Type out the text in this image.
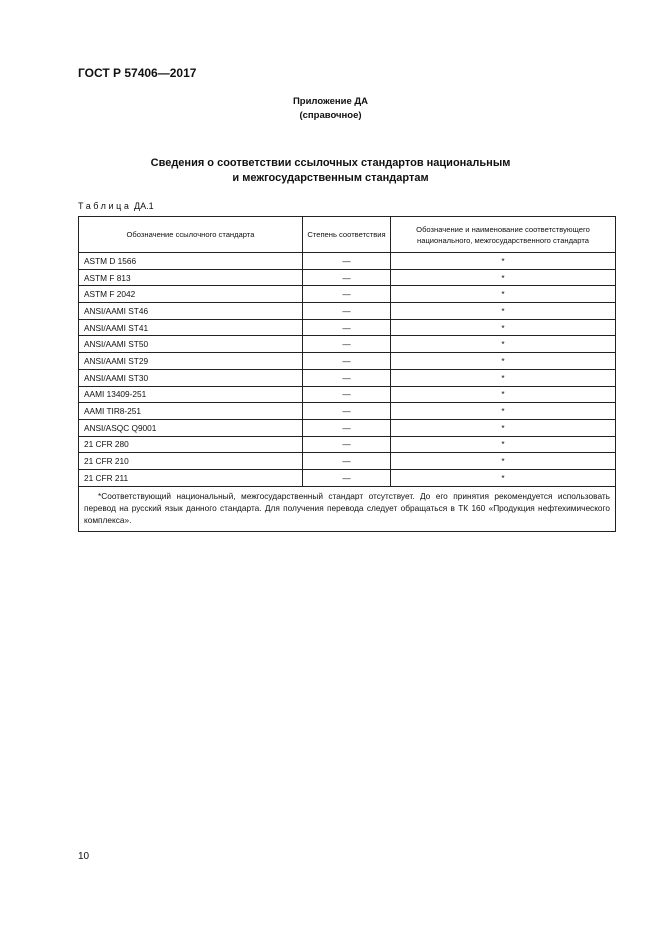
ГОСТ Р 57406—2017
Приложение ДА
(справочное)
Сведения о соответствии ссылочных стандартов национальным
и межгосударственным стандартам
Таблица ДА.1
Обозначение ссылочного стандарта	Степень соответствия	Обозначение и наименование соответствующего национального, межгосударственного стандарта
ASTM D 1566	—	*
ASTM F 813	—	*
ASTM F 2042	—	*
ANSI/AAMI ST46	—	*
ANSI/AAMI ST41	—	*
ANSI/AAMI ST50	—	*
ANSI/AAMI ST29	—	*
ANSI/AAMI ST30	—	*
AAMI 13409-251	—	*
AAMI TIR8-251	—	*
ANSI/ASQC Q9001	—	*
21 CFR 280	—	*
21 CFR 210	—	*
21 CFR 211	—	*

*Соответствующий национальный, межгосударственный стандарт отсутствует. До его принятия рекомендуется использовать перевод на русский язык данного стандарта. Для получения перевода следует обращаться в ТК 160 «Продукция нефтехимического комплекса».		
10
